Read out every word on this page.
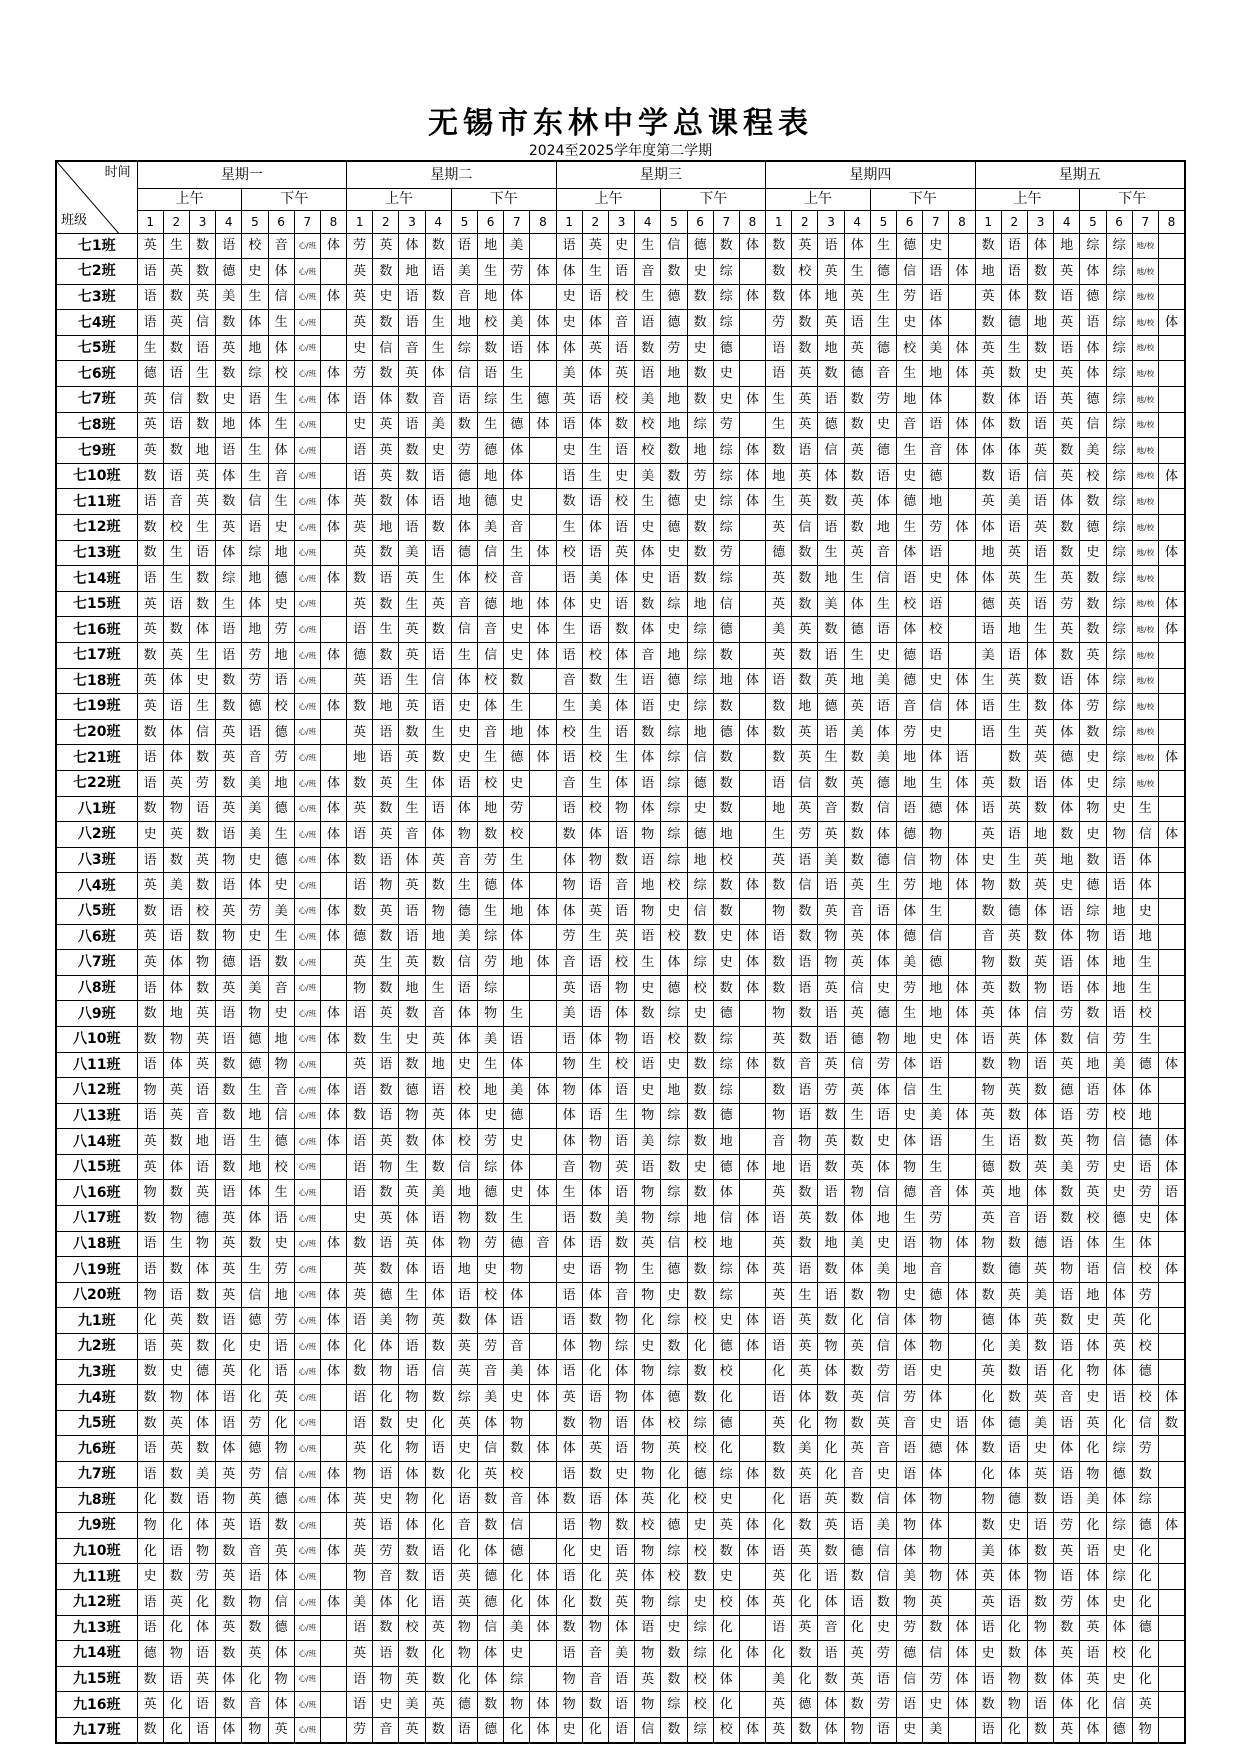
无锡市东林中学总课程表
2024至2025学年度第二学期
时间
班级	星期一								星期二								星期三								星期四								星期五							
	上午				下午				上午				下午				上午				下午				上午				下午				上午				下午			
	1	2	3	4	5	6	7	8	1	2	3	4	5	6	7	8	1	2	3	4	5	6	7	8	1	2	3	4	5	6	7	8	1	2	3	4	5	6	7	8
七1班	英	生	数	语	校	音	心/班	体	劳	英	体	数	语	地	美		语	英	史	生	信	德	数	体	数	英	语	体	生	德	史		数	语	体	地	综	综	地/校	
七2班	语	英	数	德	史	体	心/班		英	数	地	语	美	生	劳	体	体	生	语	音	数	史	综		数	校	英	生	德	信	语	体	地	语	数	英	体	综	地/校	
七3班	语	数	英	美	生	信	心/班	体	英	史	语	数	音	地	体		史	语	校	生	德	数	综	体	数	体	地	英	生	劳	语		英	体	数	语	德	综	地/校	
七4班	语	英	信	数	体	生	心/班		英	数	语	生	地	校	美	体	史	体	音	语	德	数	综		劳	数	英	语	生	史	体		数	德	地	英	语	综	地/校	体
七5班	生	数	语	英	地	体	心/班		史	信	音	生	综	数	语	体	体	英	语	数	劳	史	德		语	数	地	英	德	校	美	体	英	生	数	语	体	综	地/校	
七6班	德	语	生	数	综	校	心/班	体	劳	数	英	体	信	语	生		美	体	英	语	地	数	史		语	英	数	德	音	生	地	体	英	数	史	英	体	综	地/校	
七7班	英	信	数	史	语	生	心/班	体	语	体	数	音	语	综	生	德	英	语	校	美	地	数	史	体	生	英	语	数	劳	地	体		数	体	语	英	德	综	地/校	
七8班	英	语	数	地	体	生	心/班		史	英	语	美	数	生	德	体	语	体	数	校	地	综	劳		生	英	德	数	史	音	语	体	体	数	语	英	信	综	地/校	
七9班	英	数	地	语	生	体	心/班		语	英	数	史	劳	德	体		史	生	语	校	数	地	综	体	数	语	信	英	德	生	音	体	体	体	英	数	美	综	地/校	
七10班	数	语	英	体	生	音	心/班		语	英	数	语	德	地	体		语	生	史	美	数	劳	综	体	地	英	体	数	语	史	德		数	语	信	英	校	综	地/校	体
七11班	语	音	英	数	信	生	心/班	体	英	数	体	语	地	德	史		数	语	校	生	德	史	综	体	生	英	数	英	体	德	地		英	美	语	体	数	综	地/校	
七12班	数	校	生	英	语	史	心/班	体	英	地	语	数	体	美	音		生	体	语	史	德	数	综		英	信	语	数	地	生	劳	体	体	语	英	数	德	综	地/校	
七13班	数	生	语	体	综	地	心/班		英	数	美	语	德	信	生	体	校	语	英	体	史	数	劳		德	数	生	英	音	体	语		地	英	语	数	史	综	地/校	体
七14班	语	生	数	综	地	德	心/班	体	数	语	英	生	体	校	音		语	美	体	史	语	数	综		英	数	地	生	信	语	史	体	体	英	生	英	数	综	地/校	
七15班	英	语	数	生	体	史	心/班		英	数	生	英	音	德	地	体	体	史	语	数	综	地	信		英	数	美	体	生	校	语		德	英	语	劳	数	综	地/校	体
七16班	英	数	体	语	地	劳	心/班		语	生	英	数	信	音	史	体	生	语	数	体	史	综	德		美	英	数	德	语	体	校		语	地	生	英	数	综	地/校	体
七17班	数	英	生	语	劳	地	心/班	体	德	数	英	语	生	信	史	体	语	校	体	音	地	综	数		英	数	语	生	史	德	语		美	语	体	数	英	综	地/校	
七18班	英	体	史	数	劳	语	心/班		英	语	生	信	体	校	数		音	数	生	语	德	综	地	体	语	数	英	地	美	德	史	体	生	英	数	语	体	综	地/校	
七19班	英	语	生	数	德	校	心/班	体	数	地	英	语	史	体	生		生	美	体	语	史	综	数		数	地	德	英	语	音	信	体	语	生	数	体	劳	综	地/校	
七20班	数	体	信	英	语	德	心/班		英	语	数	生	史	音	地	体	校	生	语	数	综	地	德	体	数	英	语	美	体	劳	史		语	生	英	体	数	综	地/校	
七21班	语	体	数	英	音	劳	心/班		地	语	英	数	史	生	德	体	语	校	生	体	综	信	数		数	英	生	数	美	地	体	语		数	英	德	史	综	地/校	体
七22班	语	英	劳	数	美	地	心/班	体	数	英	生	体	语	校	史		音	生	体	语	综	德	数		语	信	数	英	德	地	生	体	英	数	语	体	史	综	地/校	
八1班	数	物	语	英	美	德	心/班	体	英	数	生	语	体	地	劳		语	校	物	体	综	史	数		地	英	音	数	信	语	德	体	语	英	数	体	物	史	生	
八2班	史	英	数	语	美	生	心/班	体	语	英	音	体	物	数	校		数	体	语	物	综	德	地		生	劳	英	数	体	德	物		英	语	地	数	史	物	信	体
八3班	语	数	英	物	史	德	心/班	体	数	语	体	英	音	劳	生		体	物	数	语	综	地	校		英	语	美	数	德	信	物	体	史	生	英	地	数	语	体	
八4班	英	美	数	语	体	史	心/班		语	物	英	数	生	德	体		物	语	音	地	校	综	数	体	数	信	语	英	生	劳	地	体	物	数	英	史	德	语	体	
八5班	数	语	校	英	劳	美	心/班	体	数	英	语	物	德	生	地	体	体	英	语	物	史	信	数		物	数	英	音	语	体	生		数	德	体	语	综	地	史	
八6班	英	语	数	物	史	生	心/班	体	德	数	语	地	美	综	体		劳	生	英	语	校	数	史	体	语	数	物	英	体	德	信		音	英	数	体	物	语	地	
八7班	英	体	物	德	语	数	心/班		英	生	英	数	信	劳	地	体	音	语	校	生	体	综	史	体	数	语	物	英	体	美	德		物	数	英	语	体	地	生	
八8班	语	体	数	英	美	音	心/班		物	数	地	生	语	综			英	语	物	史	德	校	数	体	数	语	英	信	史	劳	地	体	英	数	物	语	体	地	生	
八9班	数	地	英	语	物	史	心/班	体	语	英	数	音	体	物	生		美	语	体	数	综	史	德		物	数	语	英	德	生	地	体	英	体	信	劳	数	语	校	
八10班	数	物	英	语	德	地	心/班	体	数	生	史	英	体	美	语		语	体	物	语	校	数	综		英	数	语	德	物	地	史	体	语	英	体	数	信	劳	生	
八11班	语	体	英	数	德	物	心/班		英	语	数	地	史	生	体		物	生	校	语	史	数	综	体	数	音	英	信	劳	体	语		数	物	语	英	地	美	德	体
八12班	物	英	语	数	生	音	心/班	体	语	数	德	语	校	地	美	体	物	体	语	史	地	数	综		数	语	劳	英	体	信	生		物	英	数	德	语	体	体	
八13班	语	英	音	数	地	信	心/班	体	数	语	物	英	体	史	德		体	语	生	物	综	数	德		物	语	数	生	语	史	美	体	英	数	体	语	劳	校	地	
八14班	英	数	地	语	生	德	心/班	体	语	英	数	体	校	劳	史		体	物	语	美	综	数	地		音	物	英	数	史	体	语		生	语	数	英	物	信	德	体
八15班	英	体	语	数	地	校	心/班		语	物	生	数	信	综	体		音	物	英	语	数	史	德	体	地	语	数	英	体	物	生		德	数	英	美	劳	史	语	体
八16班	物	数	英	语	体	生	心/班		语	数	英	美	地	德	史	体	生	体	语	物	综	数	体		英	数	语	物	信	德	音	体	英	地	体	数	英	史	劳	语
八17班	数	物	德	英	体	语	心/班		史	英	体	语	物	数	生		语	数	美	物	综	地	信	体	语	英	数	体	地	生	劳		英	音	语	数	校	德	史	体
八18班	语	生	物	英	数	史	心/班	体	数	语	英	体	物	劳	德	音	体	语	数	英	信	校	地		英	数	地	美	史	语	物	体	物	数	德	语	体	生	体	
八19班	语	数	体	英	生	劳	心/班		英	数	体	语	地	史	物		史	语	物	生	德	数	综	体	英	语	数	体	美	地	音		数	德	英	物	语	信	校	体
八20班	物	语	数	英	信	地	心/班	体	英	德	生	体	语	校	体		语	体	音	物	史	数	综		英	生	语	数	物	史	德	体	数	英	美	语	地	体	劳	
九1班	化	英	数	语	德	劳	心/班	体	语	美	物	英	数	体	语		语	数	物	化	综	校	史	体	语	英	数	化	信	体	物		德	体	英	数	史	英	化	
九2班	语	英	数	化	史	语	心/班	体	化	体	语	数	英	劳	音		体	物	综	史	数	化	德	体	语	英	物	英	信	体	物		化	美	数	语	体	英	校	
九3班	数	史	德	英	化	语	心/班	体	数	物	语	信	英	音	美	体	语	化	体	物	综	数	校		化	英	体	数	劳	语	史		英	数	语	化	物	体	德	
九4班	数	物	体	语	化	英	心/班		语	化	物	数	综	美	史	体	英	语	物	体	德	数	化		语	体	数	英	信	劳	体		化	数	英	音	史	语	校	体
九5班	数	英	体	语	劳	化	心/班		语	数	史	化	英	体	物		数	物	语	体	校	综	德		英	化	物	数	英	音	史	语	体	德	美	语	英	化	信	数
九6班	语	英	数	体	德	物	心/班		英	化	物	语	史	信	数	体	体	英	语	物	英	校	化		数	美	化	英	音	语	德	体	数	语	史	体	化	综	劳	
九7班	语	数	美	英	劳	信	心/班	体	物	语	体	数	化	英	校		语	数	史	物	化	德	综	体	数	英	化	音	史	语	体		化	体	英	语	物	德	数	
九8班	化	数	语	物	英	德	心/班	体	英	史	物	化	语	数	音	体	数	语	体	英	化	校	史		化	语	英	数	信	体	物		物	德	数	语	美	体	综	
九9班	物	化	体	英	语	数	心/班		英	语	体	化	音	数	信		语	物	数	校	德	史	英	体	化	数	英	语	美	物	体		数	史	语	劳	化	综	德	体
九10班	化	语	物	数	音	英	心/班	体	英	劳	数	语	化	体	德		化	史	语	物	综	校	数	体	语	英	数	德	信	体	物		美	体	数	英	语	史	化	
九11班	史	数	劳	英	语	体	心/班		物	音	数	语	英	德	化	体	语	化	英	体	校	数	史		英	化	语	数	信	美	物	体	英	体	物	语	体	综	化	
九12班	语	英	化	数	物	信	心/班	体	美	体	化	语	英	德	化	体	化	数	英	物	综	史	校	体	英	化	体	语	数	物	英		英	语	数	劳	体	史	化	
九13班	语	化	体	英	数	德	心/班		语	数	校	英	物	信	美	体	数	物	体	语	史	综	化		语	英	音	化	史	劳	数	体	语	化	物	数	英	体	德	
九14班	德	物	语	数	英	体	心/班		英	语	数	化	物	体	史		语	音	美	物	数	综	化	体	化	数	语	英	劳	德	信	体	史	数	体	英	语	校	化	
九15班	数	语	英	体	化	物	心/班		语	物	英	数	化	体	综		物	音	语	英	数	校	体		美	化	数	英	语	信	劳	体	语	物	数	体	英	史	化	
九16班	英	化	语	数	音	体	心/班		语	史	美	英	德	数	物	体	物	数	语	物	综	校	化		英	德	体	数	劳	语	史	体	数	物	语	体	化	信	英	
九17班	数	化	语	体	物	英	心/班		劳	音	英	数	语	德	化	体	史	化	语	信	数	综	校	体	英	数	体	物	语	史	美		语	化	数	英	体	德	物	
